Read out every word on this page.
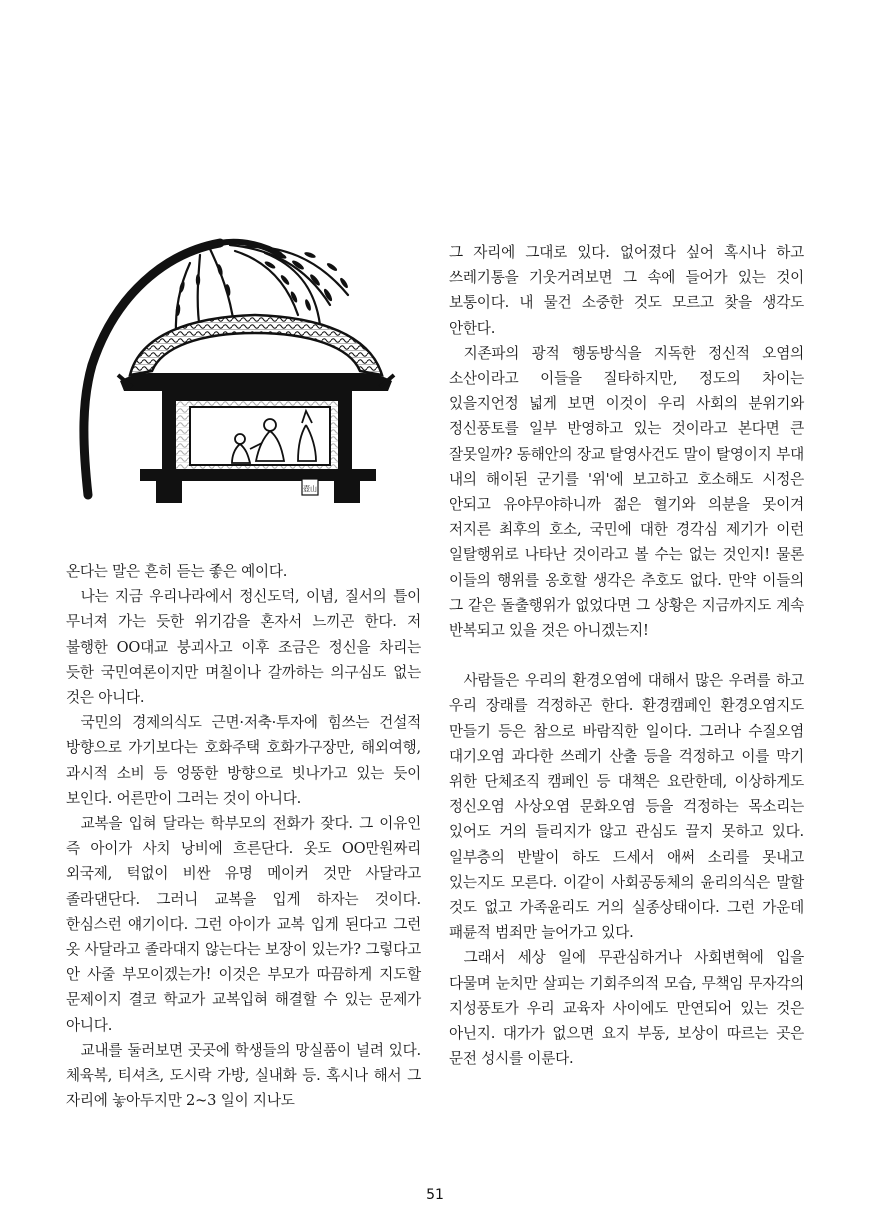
壺山

온다는 말은 흔히 듣는 좋은 예이다.

나는 지금 우리나라에서 정신도덕, 이념, 질서의 틀이 무너져 가는 듯한 위기감을 혼자서 느끼곤 한다. 저 불행한 OO대교 붕괴사고 이후 조금은 정신을 차리는 듯한 국민여론이지만 며칠이나 갈까하는 의구심도 없는 것은 아니다.

국민의 경제의식도 근면·저축·투자에 힘쓰는 건설적 방향으로 가기보다는 호화주택 호화가구장만, 해외여행, 과시적 소비 등 엉뚱한 방향으로 빗나가고 있는 듯이 보인다. 어른만이 그러는 것이 아니다.

교복을 입혀 달라는 학부모의 전화가 잦다. 그 이유인 즉 아이가 사치 낭비에 흐른단다. 옷도 OO만원짜리 외국제, 턱없이 비싼 유명 메이커 것만 사달라고 졸라댄단다. 그러니 교복을 입게 하자는 것이다. 한심스런 얘기이다. 그런 아이가 교복 입게 된다고 그런 옷 사달라고 졸라대지 않는다는 보장이 있는가? 그렇다고 안 사줄 부모이겠는가! 이것은 부모가 따끔하게 지도할 문제이지 결코 학교가 교복입혀 해결할 수 있는 문제가 아니다.

교내를 둘러보면 곳곳에 학생들의 망실품이 널려 있다. 체육복, 티셔츠, 도시락 가방, 실내화 등. 혹시나 해서 그 자리에 놓아두지만 2~3 일이 지나도

그 자리에 그대로 있다. 없어졌다 싶어 혹시나 하고 쓰레기통을 기웃거려보면 그 속에 들어가 있는 것이 보통이다. 내 물건 소중한 것도 모르고 찾을 생각도 안한다.

지존파의 광적 행동방식을 지독한 정신적 오염의 소산이라고 이들을 질타하지만, 정도의 차이는 있을지언정 넓게 보면 이것이 우리 사회의 분위기와 정신풍토를 일부 반영하고 있는 것이라고 본다면 큰 잘못일까? 동해안의 장교 탈영사건도 말이 탈영이지 부대 내의 해이된 군기를 '위'에 보고하고 호소해도 시정은 안되고 유야무야하니까 젊은 혈기와 의분을 못이겨 저지른 최후의 호소, 국민에 대한 경각심 제기가 이런 일탈행위로 나타난 것이라고 볼 수는 없는 것인지! 물론 이들의 행위를 옹호할 생각은 추호도 없다. 만약 이들의 그 같은 돌출행위가 없었다면 그 상황은 지금까지도 계속 반복되고 있을 것은 아니겠는지!

사람들은 우리의 환경오염에 대해서 많은 우려를 하고 우리 장래를 걱정하곤 한다. 환경캠페인 환경오염지도 만들기 등은 참으로 바람직한 일이다. 그러나 수질오염 대기오염 과다한 쓰레기 산출 등을 걱정하고 이를 막기 위한 단체조직 캠페인 등 대책은 요란한데, 이상하게도 정신오염 사상오염 문화오염 등을 걱정하는 목소리는 있어도 거의 들리지가 않고 관심도 끌지 못하고 있다. 일부층의 반발이 하도 드세서 애써 소리를 못내고 있는지도 모른다. 이같이 사회공동체의 윤리의식은 말할 것도 없고 가족윤리도 거의 실종상태이다. 그런 가운데 패륜적 범죄만 늘어가고 있다.

그래서 세상 일에 무관심하거나 사회변혁에 입을 다물며 눈치만 살피는 기회주의적 모습, 무책임 무자각의 지성풍토가 우리 교육자 사이에도 만연되어 있는 것은 아닌지. 대가가 없으면 요지 부동, 보상이 따르는 곳은 문전 성시를 이룬다.

51
